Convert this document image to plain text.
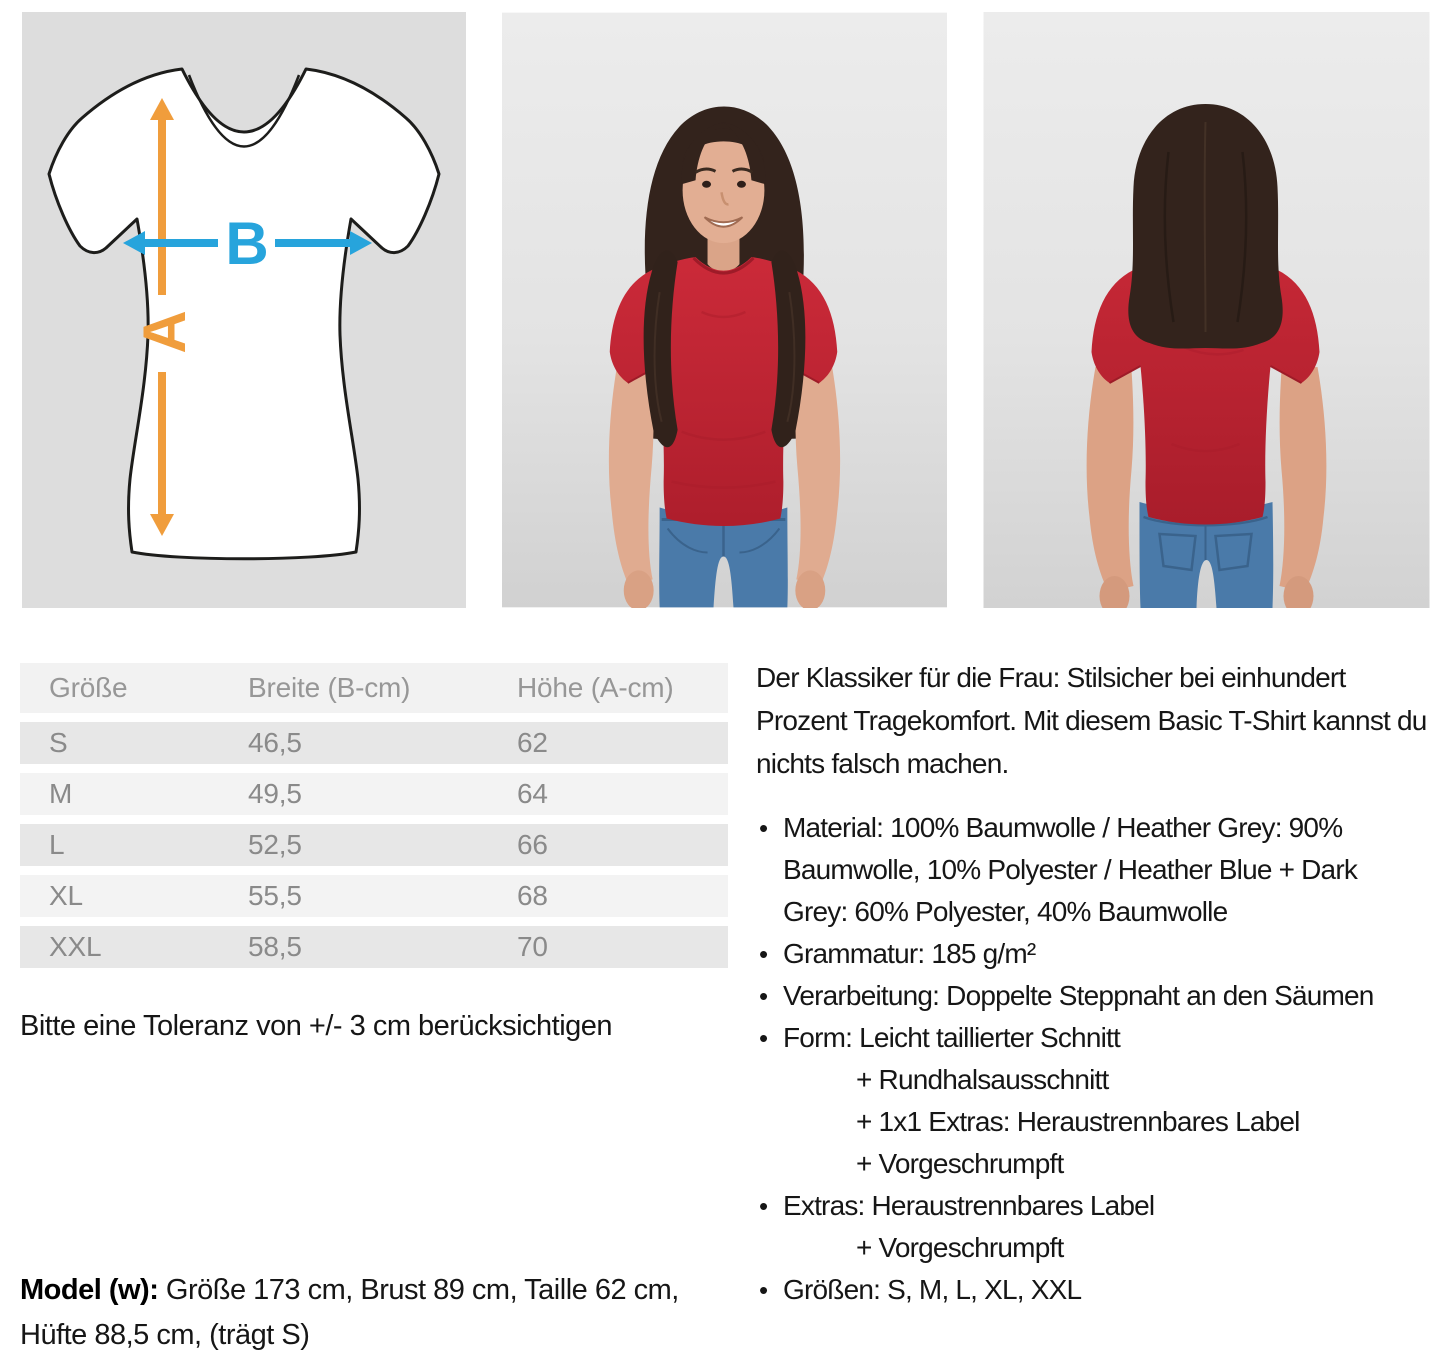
A
B
Größe	Breite (B-cm)	Höhe (A-cm)
S	46,5	62
M	49,5	64
L	52,5	66
XL	55,5	68
XXL	58,5	70

Bitte eine Toleranz von +/- 3 cm berücksichtigen

Model (w): Größe 173 cm, Brust 89 cm, Taille 62 cm, Hüfte 88,5 cm, (trägt S)

Der Klassiker für die Frau: Stilsicher bei einhundert Prozent Tragekomfort. Mit diesem Basic T-Shirt kannst du nichts falsch machen.

• Material: 100% Baumwolle / Heather Grey: 90% Baumwolle, 10% Polyester / Heather Blue + Dark Grey: 60% Polyester, 40% Baumwolle
• Grammatur: 185 g/m²
• Verarbeitung: Doppelte Steppnaht an den Säumen
• Form: Leicht taillierter Schnitt
+ Rundhalsausschnitt
+ 1x1 Extras: Heraustrennbares Label
+ Vorgeschrumpft
• Extras: Heraustrennbares Label
+ Vorgeschrumpft
• Größen: S, M, L, XL, XXL
